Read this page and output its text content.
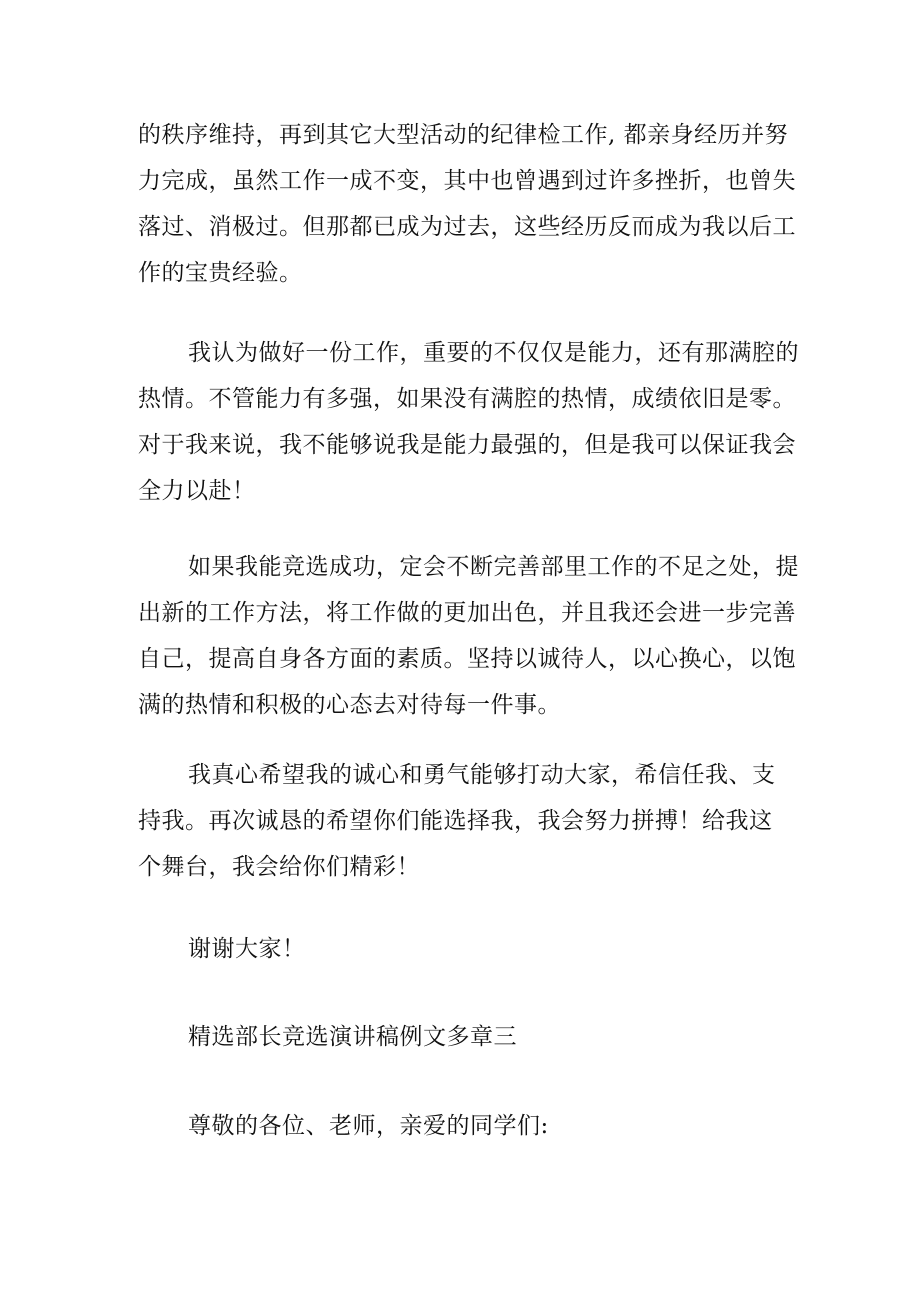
的秩序维持，再到其它大型活动的纪律检工作, 都亲身经历并努
力完成，虽然工作一成不变，其中也曾遇到过许多挫折，也曾失
落过、消极过。但那都已成为过去，这些经历反而成为我以后工
作的宝贵经验。
我认为做好一份工作，重要的不仅仅是能力，还有那满腔的
热情。不管能力有多强，如果没有满腔的热情，成绩依旧是零。
对于我来说，我不能够说我是能力最强的，但是我可以保证我会
全力以赴！
如果我能竞选成功，定会不断完善部里工作的不足之处，提
出新的工作方法，将工作做的更加出色，并且我还会进一步完善
自己，提高自身各方面的素质。坚持以诚待人，以心换心，以饱
满的热情和积极的心态去对待每一件事。
我真心希望我的诚心和勇气能够打动大家，希信任我、支
持我。再次诚恳的希望你们能选择我，我会努力拼搏！给我这
个舞台，我会给你们精彩！
谢谢大家！
精选部长竞选演讲稿例文多章三
尊敬的各位、老师，亲爱的同学们:
